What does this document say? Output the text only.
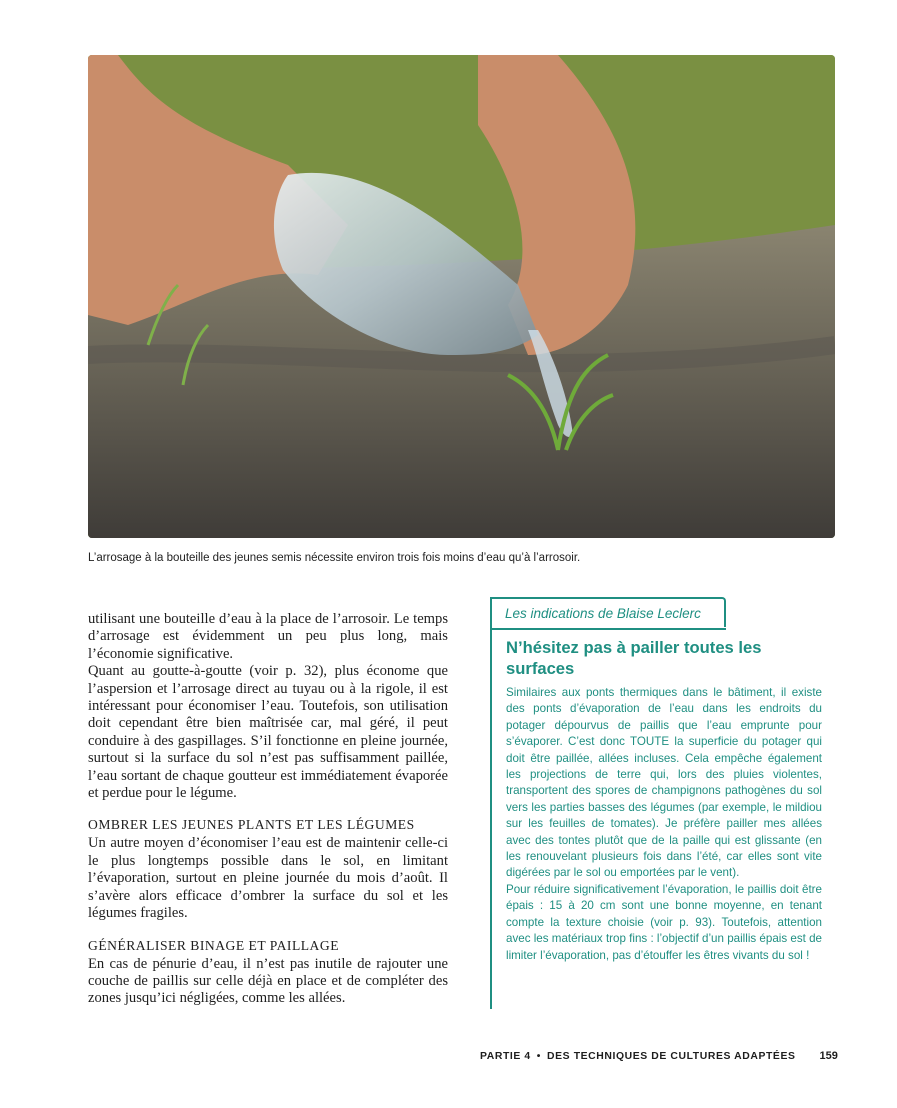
L’arrosage à la bouteille des jeunes semis nécessite environ trois fois moins d’eau qu’à l’arrosoir.

utilisant une bouteille d’eau à la place de l’arrosoir. Le temps d’arrosage est évidemment un peu plus long, mais l’économie significative.

Quant au goutte-à-goutte (voir p. 32), plus économe que l’aspersion et l’arrosage direct au tuyau ou à la rigole, il est intéressant pour économiser l’eau. Toutefois, son utilisation doit cependant être bien maîtrisée car, mal géré, il peut conduire à des gaspillages. S’il fonctionne en pleine journée, surtout si la surface du sol n’est pas suffisamment paillée, l’eau sortant de chaque goutteur est immédiatement évaporée et perdue pour le légume.

OMBRER LES JEUNES PLANTS ET LES LÉGUMES

Un autre moyen d’économiser l’eau est de maintenir celle-ci le plus longtemps possible dans le sol, en limitant l’évaporation, surtout en pleine journée du mois d’août. Il s’avère alors efficace d’ombrer la surface du sol et les légumes fragiles.

GÉNÉRALISER BINAGE ET PAILLAGE

En cas de pénurie d’eau, il n’est pas inutile de rajouter une couche de paillis sur celle déjà en place et de compléter des zones jusqu’ici négligées, comme les allées.

Les indications de Blaise Leclerc
N’hésitez pas à pailler toutes les surfaces

Similaires aux ponts thermiques dans le bâtiment, il existe des ponts d’évaporation de l’eau dans les endroits du potager dépourvus de paillis que l’eau emprunte pour s’évaporer. C’est donc TOUTE la superficie du potager qui doit être paillée, allées incluses. Cela empêche également les projections de terre qui, lors des pluies violentes, transportent des spores de champignons pathogènes du sol vers les parties basses des légumes (par exemple, le mildiou sur les feuilles de tomates). Je préfère pailler mes allées avec des tontes plutôt que de la paille qui est glissante (en les renouvelant plusieurs fois dans l’été, car elles sont vite digérées par le sol ou emportées par le vent).

Pour réduire significativement l’évaporation, le paillis doit être épais : 15 à 20 cm sont une bonne moyenne, en tenant compte la texture choisie (voir p. 93). Toutefois, attention avec les matériaux trop fins : l’objectif d’un paillis épais est de limiter l’évaporation, pas d’étouffer les êtres vivants du sol !

PARTIE 4 • DES TECHNIQUES DE CULTURES ADAPTÉES 159
